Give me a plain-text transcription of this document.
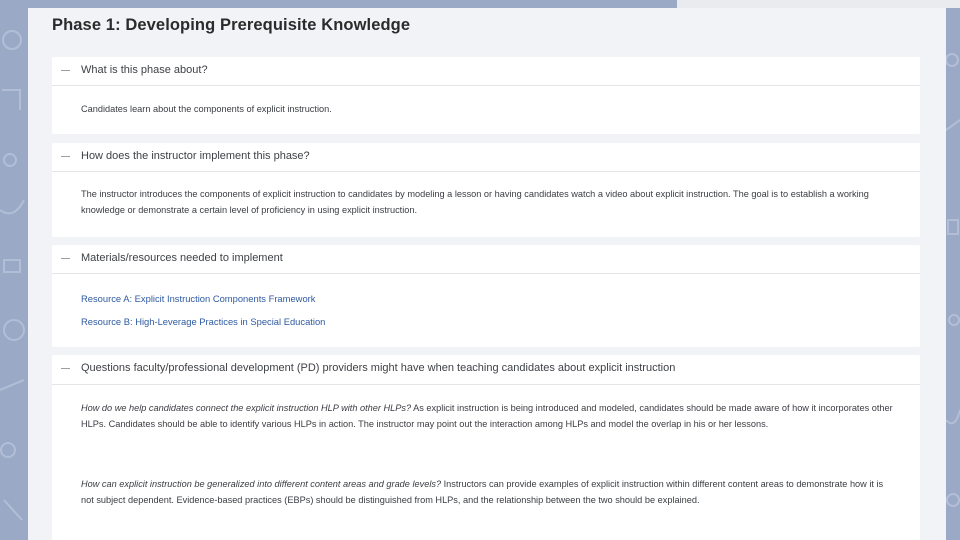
Phase 1: Developing Prerequisite Knowledge
What is this phase about?
Candidates learn about the components of explicit instruction.
How does the instructor implement this phase?
The instructor introduces the components of explicit instruction to candidates by modeling a lesson or having candidates watch a video about explicit instruction. The goal is to establish a working knowledge or demonstrate a certain level of proficiency in using explicit instruction.
Materials/resources needed to implement
Resource A: Explicit Instruction Components Framework
Resource B: High-Leverage Practices in Special Education
Questions faculty/professional development (PD) providers might have when teaching candidates about explicit instruction
How do we help candidates connect the explicit instruction HLP with other HLPs? As explicit instruction is being introduced and modeled, candidates should be made aware of how it incorporates other HLPs. Candidates should be able to identify various HLPs in action. The instructor may point out the interaction among HLPs and model the overlap in his or her lessons.
How can explicit instruction be generalized into different content areas and grade levels? Instructors can provide examples of explicit instruction within different content areas to demonstrate how it is not subject dependent. Evidence-based practices (EBPs) should be distinguished from HLPs, and the relationship between the two should be explained.
